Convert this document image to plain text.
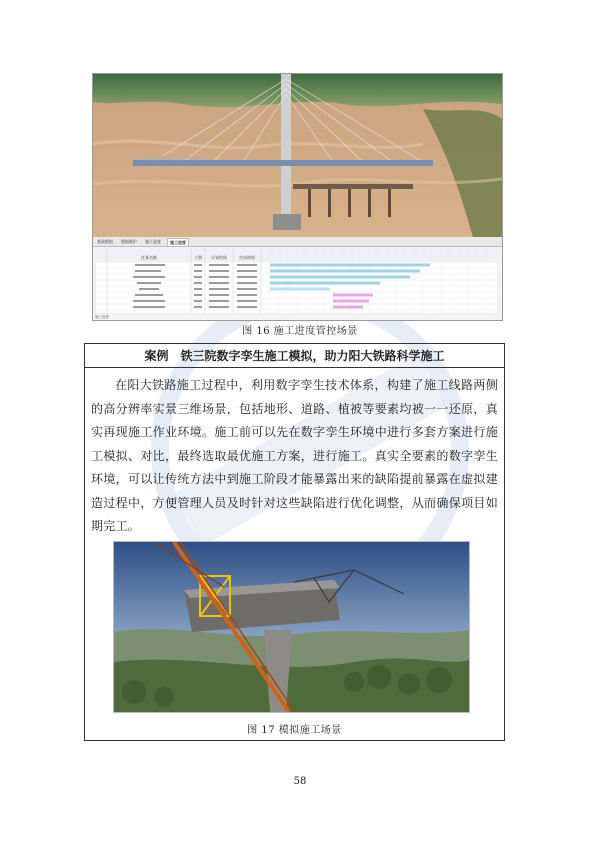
基础数据	数据维护	施工进度	施工进度
任务名称	工期 计划时间	完成时间
施工进度
图 16 施工进度管控场景
案例 铁三院数字孪生施工模拟，助力阳大铁路科学施工
在阳大铁路施工过程中，利用数字孪生技术体系，构建了施工线路两侧的高分辨率实景三维场景，包括地形、道路、植被等要素均被一一还原，真实再现施工作业环境。施工前可以先在数字孪生环境中进行多套方案进行施工模拟、对比，最终选取最优施工方案，进行施工。真实全要素的数字孪生环境，可以让传统方法中到施工阶段才能暴露出来的缺陷提前暴露在虚拟建造过程中，方便管理人员及时针对这些缺陷进行优化调整，从而确保项目如期完工。
图 17 模拟施工场景
58
